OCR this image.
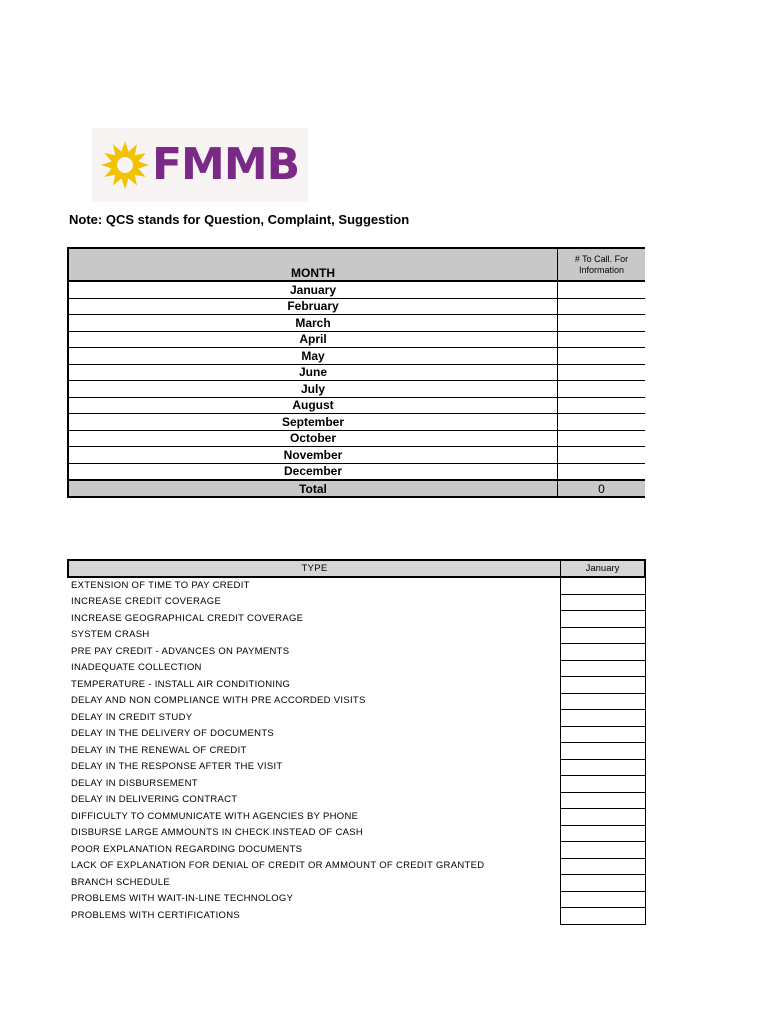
FMMB
Note: QCS stands for Question, Complaint, Suggestion
MONTH	# To Call. For Information
January	
February	
March	
April	
May	
June	
July	
August	
September	
October	
November	
December	
Total	0
TYPE	January
EXTENSION OF TIME TO PAY CREDIT	
INCREASE CREDIT COVERAGE	
INCREASE GEOGRAPHICAL CREDIT COVERAGE	
SYSTEM CRASH	
PRE PAY CREDIT - ADVANCES ON PAYMENTS	
INADEQUATE COLLECTION	
TEMPERATURE - INSTALL AIR CONDITIONING	
DELAY AND NON COMPLIANCE WITH PRE ACCORDED VISITS	
DELAY IN CREDIT STUDY	
DELAY IN THE DELIVERY OF DOCUMENTS	
DELAY IN THE RENEWAL OF CREDIT	
DELAY IN THE RESPONSE AFTER THE VISIT	
DELAY IN DISBURSEMENT	
DELAY IN DELIVERING CONTRACT	
DIFFICULTY TO COMMUNICATE WITH AGENCIES BY PHONE	
DISBURSE LARGE AMMOUNTS IN CHECK INSTEAD OF CASH	
POOR EXPLANATION REGARDING DOCUMENTS	
LACK OF EXPLANATION FOR DENIAL OF CREDIT OR AMMOUNT OF CREDIT GRANTED	
BRANCH SCHEDULE	
PROBLEMS WITH WAIT-IN-LINE TECHNOLOGY	
PROBLEMS WITH CERTIFICATIONS	
